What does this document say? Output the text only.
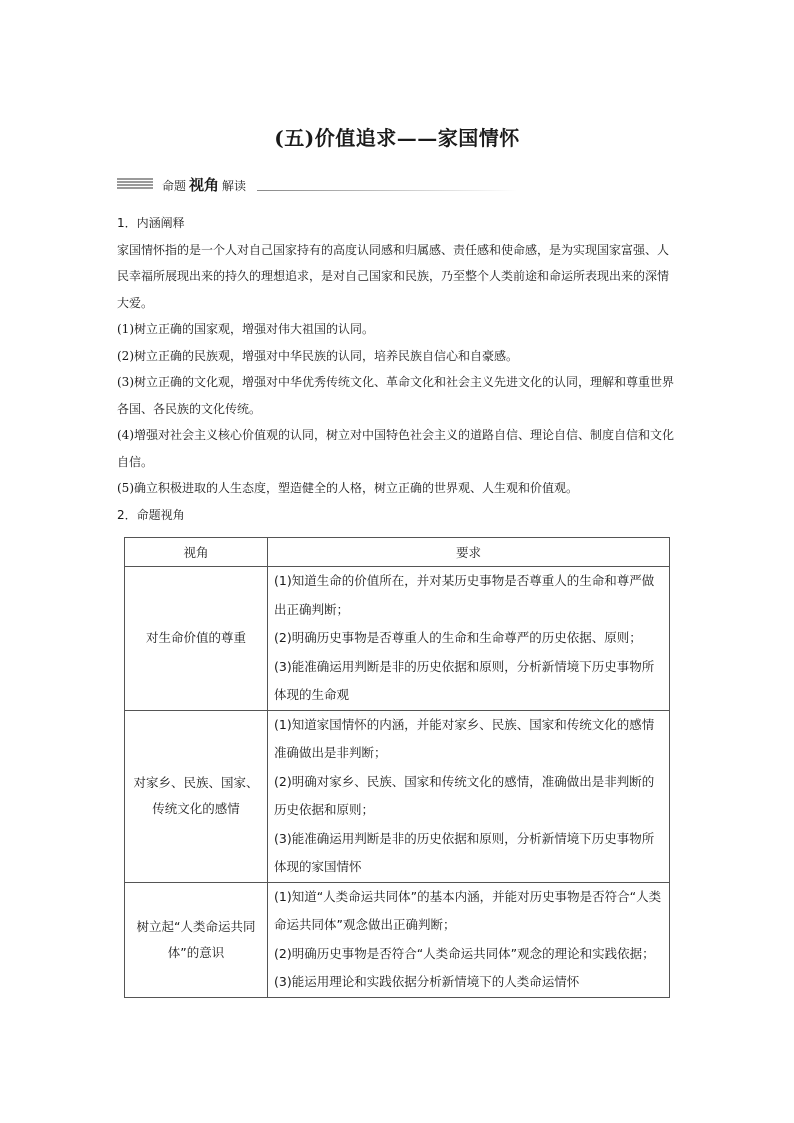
(五)价值追求——家国情怀
命题 视角 解读

1．内涵阐释

家国情怀指的是一个人对自己国家持有的高度认同感和归属感、责任感和使命感，是为实现国家富强、人民幸福所展现出来的持久的理想追求，是对自己国家和民族，乃至整个人类前途和命运所表现出来的深情大爱。

(1)树立正确的国家观，增强对伟大祖国的认同。

(2)树立正确的民族观，增强对中华民族的认同，培养民族自信心和自豪感。

(3)树立正确的文化观，增强对中华优秀传统文化、革命文化和社会主义先进文化的认同，理解和尊重世界各国、各民族的文化传统。

(4)增强对社会主义核心价值观的认同，树立对中国特色社会主义的道路自信、理论自信、制度自信和文化自信。

(5)确立积极进取的人生态度，塑造健全的人格，树立正确的世界观、人生观和价值观。

2．命题视角

视角	要求
对生命价值的尊重	(1)知道生命的价值所在，并对某历史事物是否尊重人的生命和尊严做出正确判断；
(2)明确历史事物是否尊重人的生命和生命尊严的历史依据、原则；
(3)能准确运用判断是非的历史依据和原则，分析新情境下历史事物所体现的生命观

对家乡、民族、国家、传统文化的感情	(1)知道家国情怀的内涵，并能对家乡、民族、国家和传统文化的感情准确做出是非判断；
(2)明确对家乡、民族、国家和传统文化的感情，准确做出是非判断的历史依据和原则；
(3)能准确运用判断是非的历史依据和原则，分析新情境下历史事物所体现的家国情怀

树立起“人类命运共同体”的意识	(1)知道“人类命运共同体”的基本内涵，并能对历史事物是否符合“人类命运共同体”观念做出正确判断；
(2)明确历史事物是否符合“人类命运共同体”观念的理论和实践依据；
(3)能运用理论和实践依据分析新情境下的人类命运情怀
